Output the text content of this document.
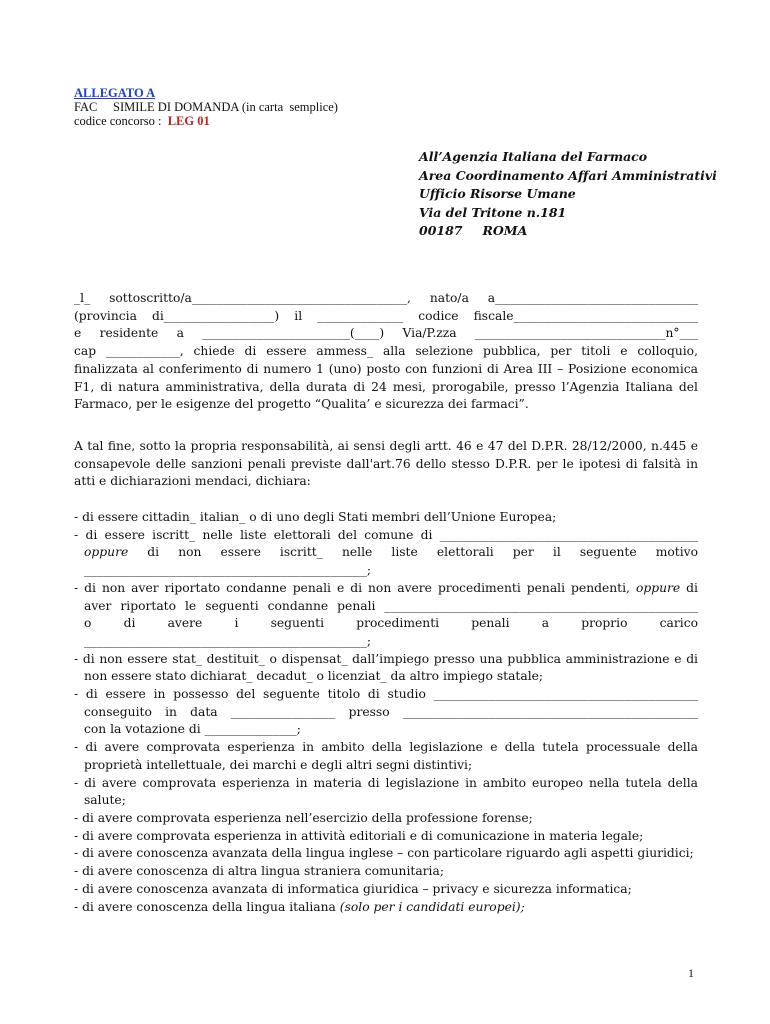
ALLEGATO A
FAC     SIMILE DI DOMANDA (in carta  semplice)
codice concorso :  LEG 01
All’Agenzia Italiana del Farmaco
Area Coordinamento Affari Amministrativi
Ufficio Risorse Umane
Via del Tritone n.181
00187 ROMA
_l_ sottoscritto/a___________________________________, nato/a a_________________________________
(provincia di__________________) il ______________ codice fiscale______________________________
e residente a ________________________(____) Via/P.zza _______________________________n°___
cap ____________, chiede di essere ammess_ alla selezione pubblica, per titoli e colloquio,
finalizzata al conferimento di numero 1 (uno) posto con funzioni di Area III – Posizione economica
F1, di natura amministrativa, della durata di 24 mesi, prorogabile, presso l’Agenzia Italiana del
Farmaco, per le esigenze del progetto “Qualita’ e sicurezza dei farmaci”.
A tal fine, sotto la propria responsabilità, ai sensi degli artt. 46 e 47 del D.P.R. 28/12/2000, n.445 e
consapevole delle sanzioni penali previste dall'art.76 dello stesso D.P.R. per le ipotesi di falsità in
atti e dichiarazioni mendaci, dichiara:
- di essere cittadin_ italian_ o di uno degli Stati membri dell’Unione Europea;
- di essere iscritt_ nelle liste elettorali del comune di __________________________________________
oppure di non essere iscritt_ nelle liste elettorali per il seguente motivo
______________________________________________;
- di non aver riportato condanne penali e di non avere procedimenti penali pendenti, oppure di
aver riportato le seguenti condanne penali ___________________________________________________
o di avere i seguenti procedimenti penali a proprio carico
______________________________________________;
- di non essere stat_ destituit_ o dispensat_ dall’impiego presso una pubblica amministrazione e di
non essere stato dichiarat_ decadut_ o licenziat_ da altro impiego statale;
- di essere in possesso del seguente titolo di studio ___________________________________________
conseguito in data _________________ presso ________________________________________________
con la votazione di _______________;
- di avere comprovata esperienza in ambito della legislazione e della tutela processuale della
proprietà intellettuale, dei marchi e degli altri segni distintivi;
- di avere comprovata esperienza in materia di legislazione in ambito europeo nella tutela della
salute;
- di avere comprovata esperienza nell’esercizio della professione forense;
- di avere comprovata esperienza in attività editoriali e di comunicazione in materia legale;
- di avere conoscenza avanzata della lingua inglese – con particolare riguardo agli aspetti giuridici;
- di avere conoscenza di altra lingua straniera comunitaria;
- di avere conoscenza avanzata di informatica giuridica – privacy e sicurezza informatica;
- di avere conoscenza della lingua italiana (solo per i candidati europei);
1
